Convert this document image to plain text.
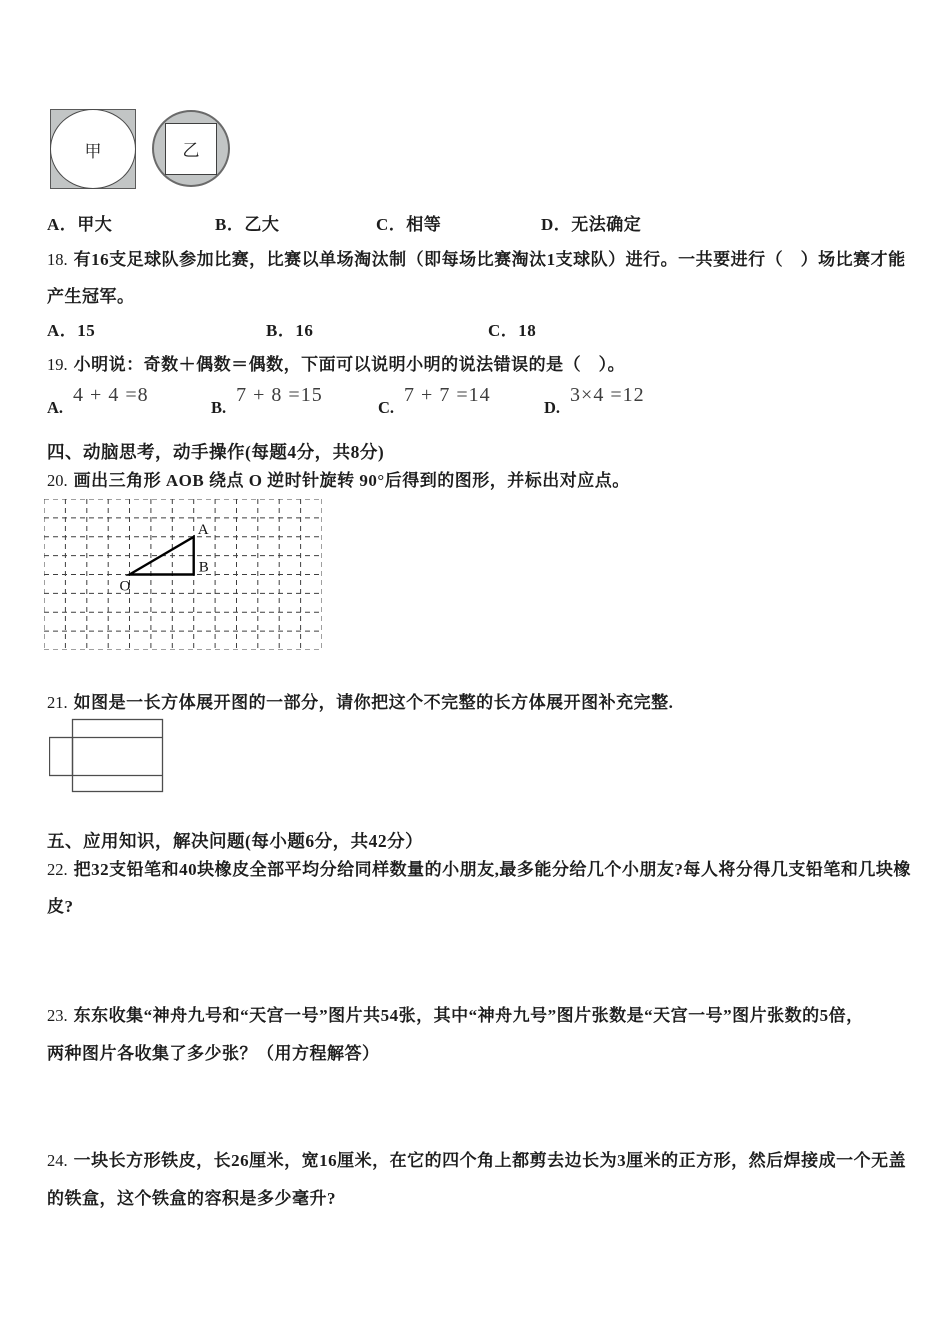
甲	乙
A．甲大	B．乙大	C．相等	D．无法确定
18. 有16支足球队参加比赛，比赛以单场淘汰制（即每场比赛淘汰1支球队）进行。一共要进行（　）场比赛才能
产生冠军。
A．15	B．16	C．18
19. 小明说：奇数＋偶数＝偶数，下面可以说明小明的说法错误的是（　）。
A.4 + 4 =8
B.7 + 8 =15
C.7 + 7 =14
D.3×4 =12
四、动脑思考，动手操作(每题4分，共8分)
20. 画出三角形 AOB 绕点 O 逆时针旋转 90°后得到的图形，并标出对应点。
A
B
O
21. 如图是一长方体展开图的一部分，请你把这个不完整的长方体展开图补充完整.
五、应用知识，解决问题(每小题6分，共42分）
22. 把32支铅笔和40块橡皮全部平均分给同样数量的小朋友,最多能分给几个小朋友?每人将分得几支铅笔和几块橡
皮?
23. 东东收集“神舟九号和“天宫一号”图片共54张，其中“神舟九号”图片张数是“天宫一号”图片张数的5倍，
两种图片各收集了多少张？（用方程解答）
24. 一块长方形铁皮，长26厘米，宽16厘米，在它的四个角上都剪去边长为3厘米的正方形，然后焊接成一个无盖
的铁盒，这个铁盒的容积是多少毫升?
